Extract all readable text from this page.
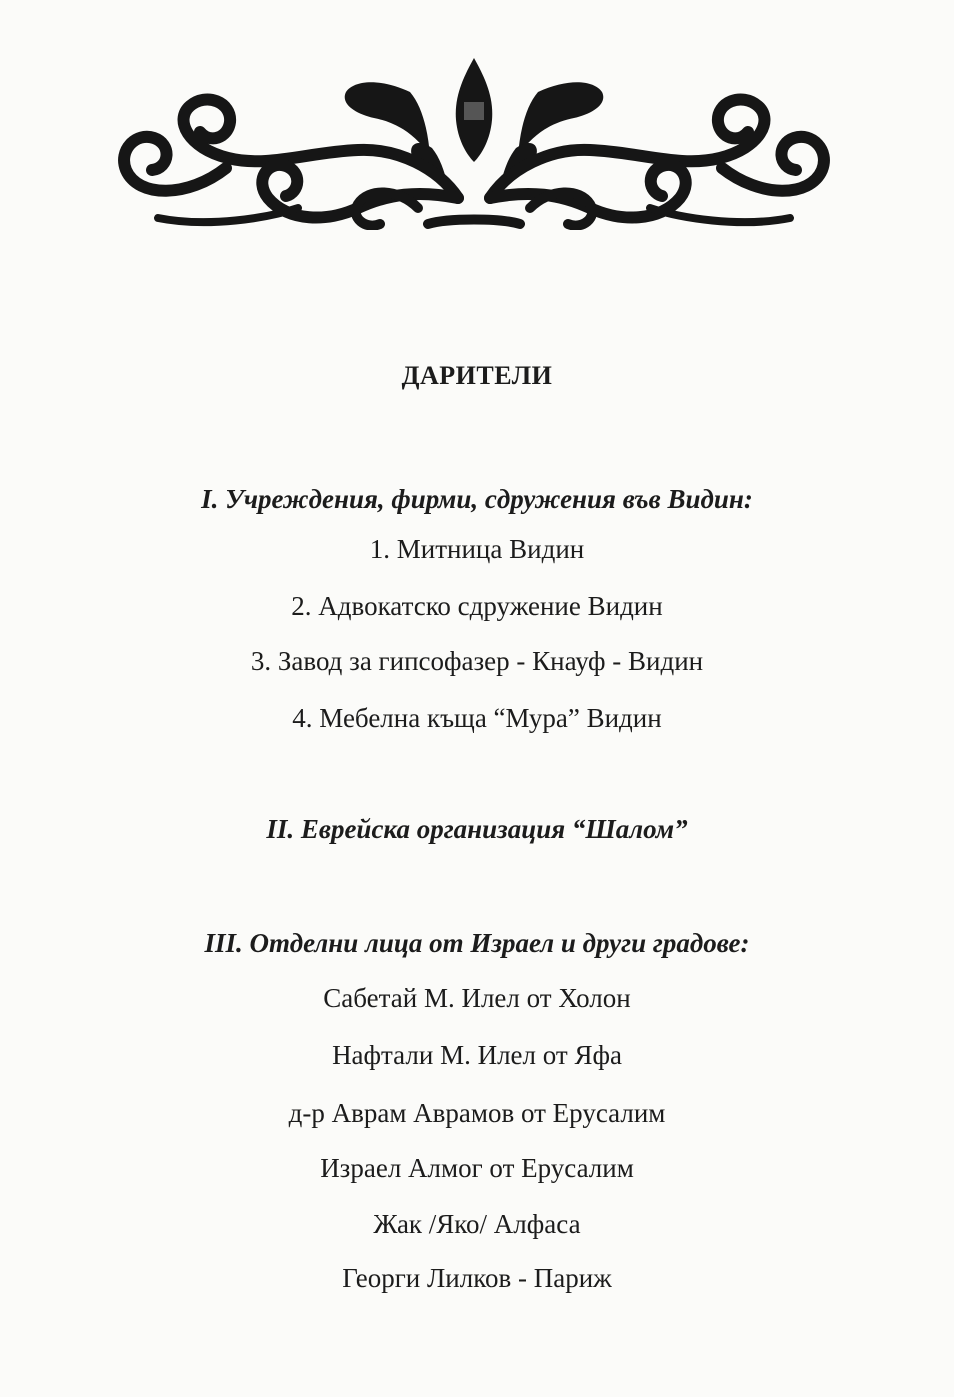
ДАРИТЕЛИ
I. Учреждения, фирми, сдружения във Видин:
1. Митница Видин
2. Адвокатско сдружение Видин
3. Завод за гипсофазер - Кнауф - Видин
4. Мебелна къща “Мура” Видин
II. Еврейска организация “Шалом”
III. Отделни лица от Израел и други градове:
Сабетай М. Илел от Холон
Нафтали М. Илел от Яфа
д-р Аврам Аврамов от Ерусалим
Израел Алмог от Ерусалим
Жак /Яко/ Алфаса
Георги Лилков - Париж
